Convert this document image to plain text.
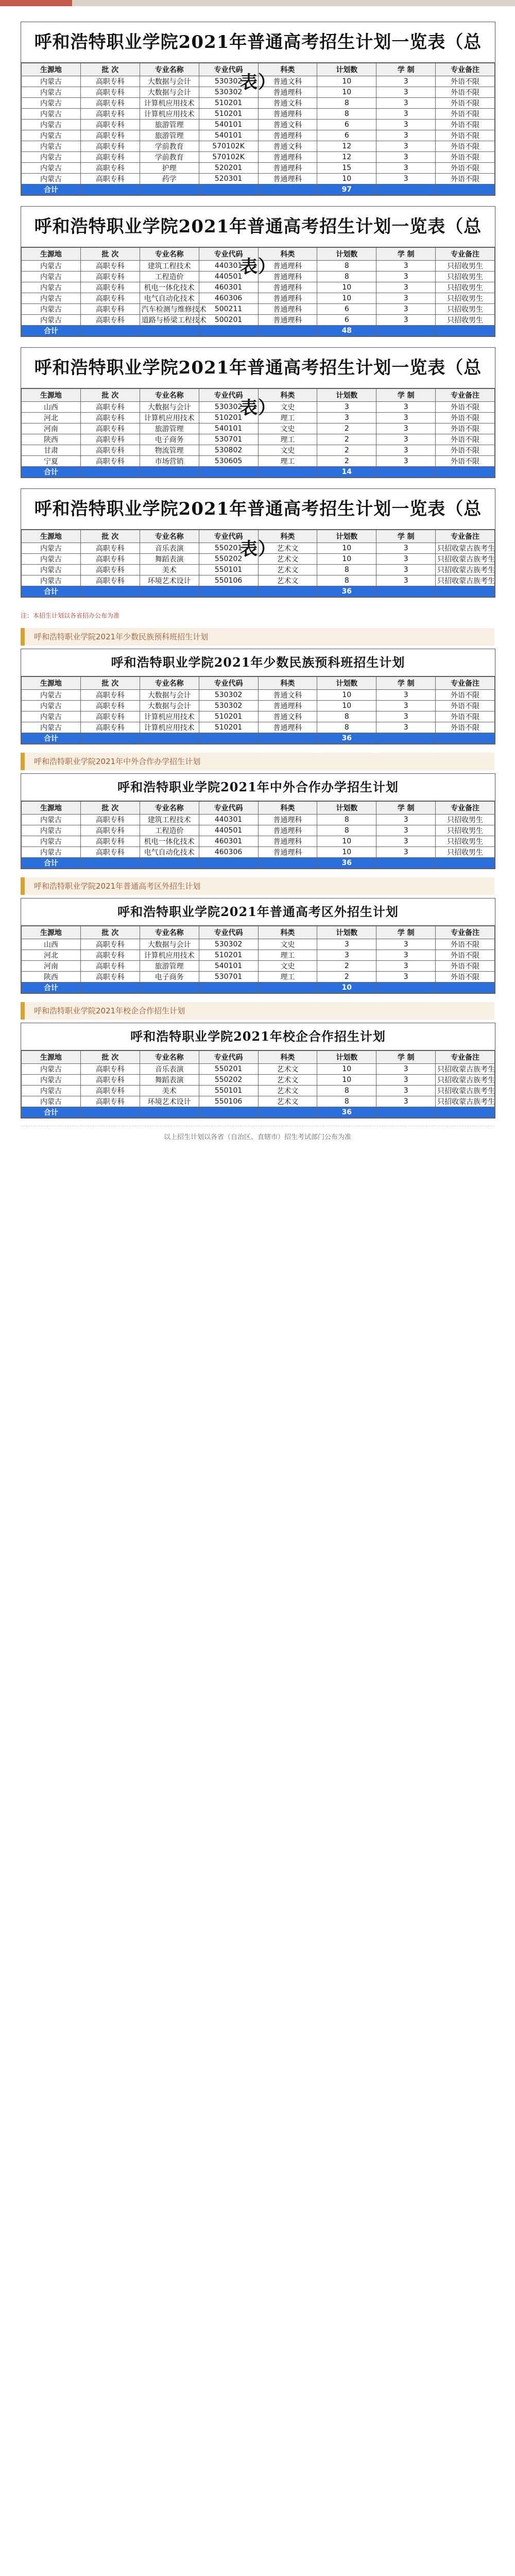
呼和浩特职业学院2021年普通高考招生计划一览表（总表）
生源地	批 次	专业名称	专业代码	科类	计划数	学 制	专业备注
内蒙古	高职专科	大数据与会计	530302	普通文科	10	3	外语不限
内蒙古	高职专科	大数据与会计	530302	普通理科	10	3	外语不限
内蒙古	高职专科	计算机应用技术	510201	普通文科	8	3	外语不限
内蒙古	高职专科	计算机应用技术	510201	普通理科	8	3	外语不限
内蒙古	高职专科	旅游管理	540101	普通文科	6	3	外语不限
内蒙古	高职专科	旅游管理	540101	普通理科	6	3	外语不限
内蒙古	高职专科	学前教育	570102K	普通文科	12	3	外语不限
内蒙古	高职专科	学前教育	570102K	普通理科	12	3	外语不限
内蒙古	高职专科	护理	520201	普通理科	15	3	外语不限
内蒙古	高职专科	药学	520301	普通理科	10	3	外语不限
合计					97		
呼和浩特职业学院2021年普通高考招生计划一览表（总表）
生源地	批 次	专业名称	专业代码	科类	计划数	学 制	专业备注
内蒙古	高职专科	建筑工程技术	440301	普通理科	8	3	只招收男生
内蒙古	高职专科	工程造价	440501	普通理科	8	3	只招收男生
内蒙古	高职专科	机电一体化技术	460301	普通理科	10	3	只招收男生
内蒙古	高职专科	电气自动化技术	460306	普通理科	10	3	只招收男生
内蒙古	高职专科	汽车检测与维修技术	500211	普通理科	6	3	只招收男生
内蒙古	高职专科	道路与桥梁工程技术	500201	普通理科	6	3	只招收男生
合计					48		
呼和浩特职业学院2021年普通高考招生计划一览表（总表）
生源地	批 次	专业名称	专业代码	科类	计划数	学 制	专业备注
山西	高职专科	大数据与会计	530302	文史	3	3	外语不限
河北	高职专科	计算机应用技术	510201	理工	3	3	外语不限
河南	高职专科	旅游管理	540101	文史	2	3	外语不限
陕西	高职专科	电子商务	530701	理工	2	3	外语不限
甘肃	高职专科	物流管理	530802	文史	2	3	外语不限
宁夏	高职专科	市场营销	530605	理工	2	3	外语不限
合计					14		
呼和浩特职业学院2021年普通高考招生计划一览表（总表）
生源地	批 次	专业名称	专业代码	科类	计划数	学 制	专业备注
内蒙古	高职专科	音乐表演	550201	艺术文	10	3	只招收蒙古族考生
内蒙古	高职专科	舞蹈表演	550202	艺术文	10	3	只招收蒙古族考生
内蒙古	高职专科	美术	550101	艺术文	8	3	只招收蒙古族考生
内蒙古	高职专科	环境艺术设计	550106	艺术文	8	3	只招收蒙古族考生
合计					36		
注：本招生计划以各省招办公布为准
呼和浩特职业学院2021年少数民族预科班招生计划
呼和浩特职业学院2021年少数民族预科班招生计划
生源地	批 次	专业名称	专业代码	科类	计划数	学 制	专业备注
内蒙古	高职专科	大数据与会计	530302	普通文科	10	3	外语不限
内蒙古	高职专科	大数据与会计	530302	普通理科	10	3	外语不限
内蒙古	高职专科	计算机应用技术	510201	普通文科	8	3	外语不限
内蒙古	高职专科	计算机应用技术	510201	普通理科	8	3	外语不限
合计					36		
呼和浩特职业学院2021年中外合作办学招生计划
呼和浩特职业学院2021年中外合作办学招生计划
生源地	批 次	专业名称	专业代码	科类	计划数	学 制	专业备注
内蒙古	高职专科	建筑工程技术	440301	普通理科	8	3	只招收男生
内蒙古	高职专科	工程造价	440501	普通理科	8	3	只招收男生
内蒙古	高职专科	机电一体化技术	460301	普通理科	10	3	只招收男生
内蒙古	高职专科	电气自动化技术	460306	普通理科	10	3	只招收男生
合计					36		
呼和浩特职业学院2021年普通高考区外招生计划
呼和浩特职业学院2021年普通高考区外招生计划
生源地	批 次	专业名称	专业代码	科类	计划数	学 制	专业备注
山西	高职专科	大数据与会计	530302	文史	3	3	外语不限
河北	高职专科	计算机应用技术	510201	理工	3	3	外语不限
河南	高职专科	旅游管理	540101	文史	2	3	外语不限
陕西	高职专科	电子商务	530701	理工	2	3	外语不限
合计					10		
呼和浩特职业学院2021年校企合作招生计划
呼和浩特职业学院2021年校企合作招生计划
生源地	批 次	专业名称	专业代码	科类	计划数	学 制	专业备注
内蒙古	高职专科	音乐表演	550201	艺术文	10	3	只招收蒙古族考生
内蒙古	高职专科	舞蹈表演	550202	艺术文	10	3	只招收蒙古族考生
内蒙古	高职专科	美术	550101	艺术文	8	3	只招收蒙古族考生
内蒙古	高职专科	环境艺术设计	550106	艺术文	8	3	只招收蒙古族考生
合计					36		
以上招生计划以各省（自治区、直辖市）招生考试部门公布为准
